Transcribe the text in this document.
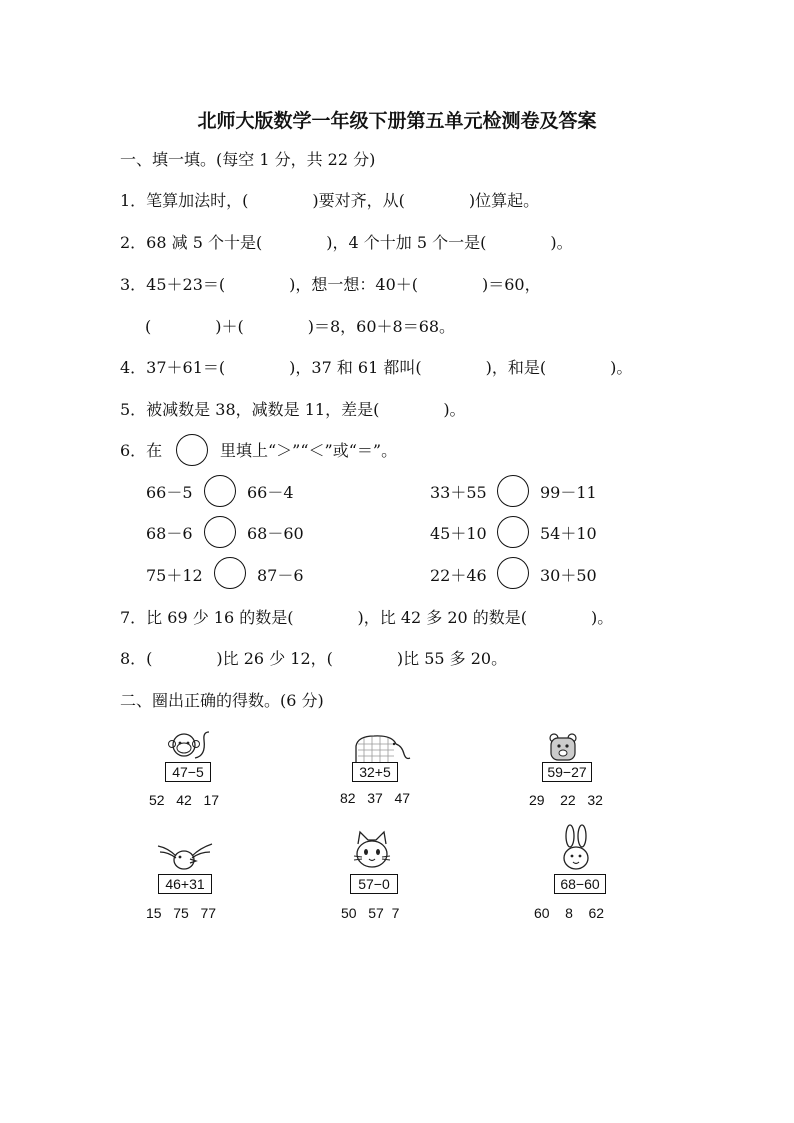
北师大版数学一年级下册第五单元检测卷及答案
一、填一填。(每空 1 分，共 22 分)
1．笔算加法时，(　　　　)要对齐，从(　　　　)位算起。
2．68 减 5 个十是(　　　　)，4 个十加 5 个一是(　　　　)。
3．45＋23＝(　　　　)，想一想：40＋(　　　　)＝60，
(　　　　)＋(　　　　)＝8，60＋8＝68。
4．37＋61＝(　　　　)，37 和 61 都叫(　　　　)，和是(　　　　)。
5．被减数是 38，减数是 11，差是(　　　　)。
6．在	里填上“＞”“＜”或“＝”。
66－5	66－4	33＋55	99－11
68－6	68－60	45＋10	54＋10
75＋12	87－6	22＋46	30＋50
7．比 69 少 16 的数是(　　　　)，比 42 多 20 的数是(　　　　)。
8．(　　　　)比 26 少 12，(　　　　)比 55 多 20。
二、圈出正确的得数。(6 分)
47−5
52   42   17
32+5
82   37   47
59−27
29    22   32
46+31
15   75   77
57−0
50   57  7
68−60
60    8    62
